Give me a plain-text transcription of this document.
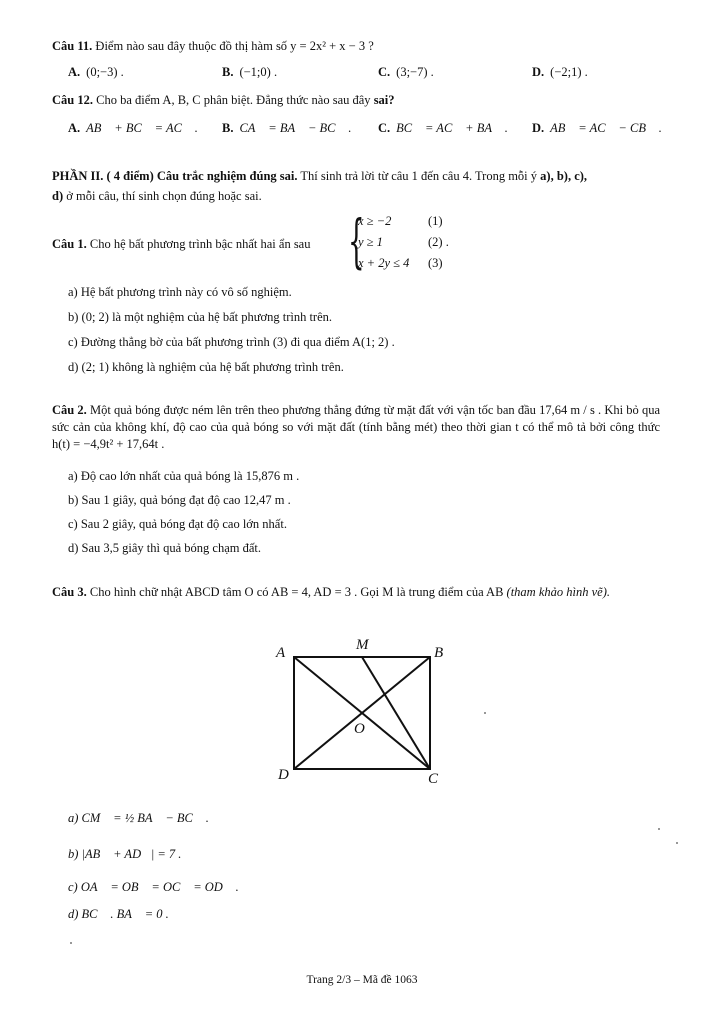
Câu 11. Điểm nào sau đây thuộc đồ thị hàm số y = 2x² + x − 3 ?
A. (0;−3) .	B. (−1;0) .	C. (3;−7) .	D. (−2;1) .
Câu 12. Cho ba điểm A, B, C phân biệt. Đẳng thức nào sau đây sai?
A. AB⃗ + BC⃗ = AC⃗ . B. CA⃗ = BA⃗ − BC⃗ . C. BC⃗ = AC⃗ + BA⃗ . D. AB⃗ = AC⃗ − CB⃗ .
PHẦN II. ( 4 điểm) Câu trắc nghiệm đúng sai. Thí sinh trả lời từ câu 1 đến câu 4. Trong mỗi ý a), b), c),
d) ở mỗi câu, thí sinh chọn đúng hoặc sai.
Câu 1. Cho hệ bất phương trình bậc nhất hai ẩn sau {
x ≥ −2	(1)
y ≥ 1	(2) .
x + 2y ≤ 4 (3)
a) Hệ bất phương trình này có vô số nghiệm.
b) (0; 2) là một nghiệm của hệ bất phương trình trên.
c) Đường thẳng bờ của bất phương trình (3) đi qua điểm A(1; 2) .
d) (2; 1) không là nghiệm của hệ bất phương trình trên.
Câu 2. Một quả bóng được ném lên trên theo phương thẳng đứng từ mặt đất với vận tốc ban đầu 17,64 m / s . Khi bỏ qua sức cản của không khí, độ cao của quả bóng so với mặt đất (tính bằng mét) theo thời gian t có thể mô tả bởi công thức h(t) = −4,9t² + 17,64t .
a) Độ cao lớn nhất của quả bóng là 15,876 m .
b) Sau 1 giây, quả bóng đạt độ cao 12,47 m .
c) Sau 2 giây, quả bóng đạt độ cao lớn nhất.
d) Sau 3,5 giây thì quả bóng chạm đất.
Câu 3. Cho hình chữ nhật ABCD tâm O có AB = 4, AD = 3 . Gọi M là trung điểm của AB (tham khảo hình vẽ).
A	M	B
O
D	C
a) CM⃗ = ½ BA⃗ − BC⃗ .
b) |AB⃗ + AD⃗| = 7 .
c) OA⃗ = OB⃗ = OC⃗ = OD⃗ .
d) BC⃗ . BA⃗ = 0 .
Trang 2/3 – Mã đề 1063
